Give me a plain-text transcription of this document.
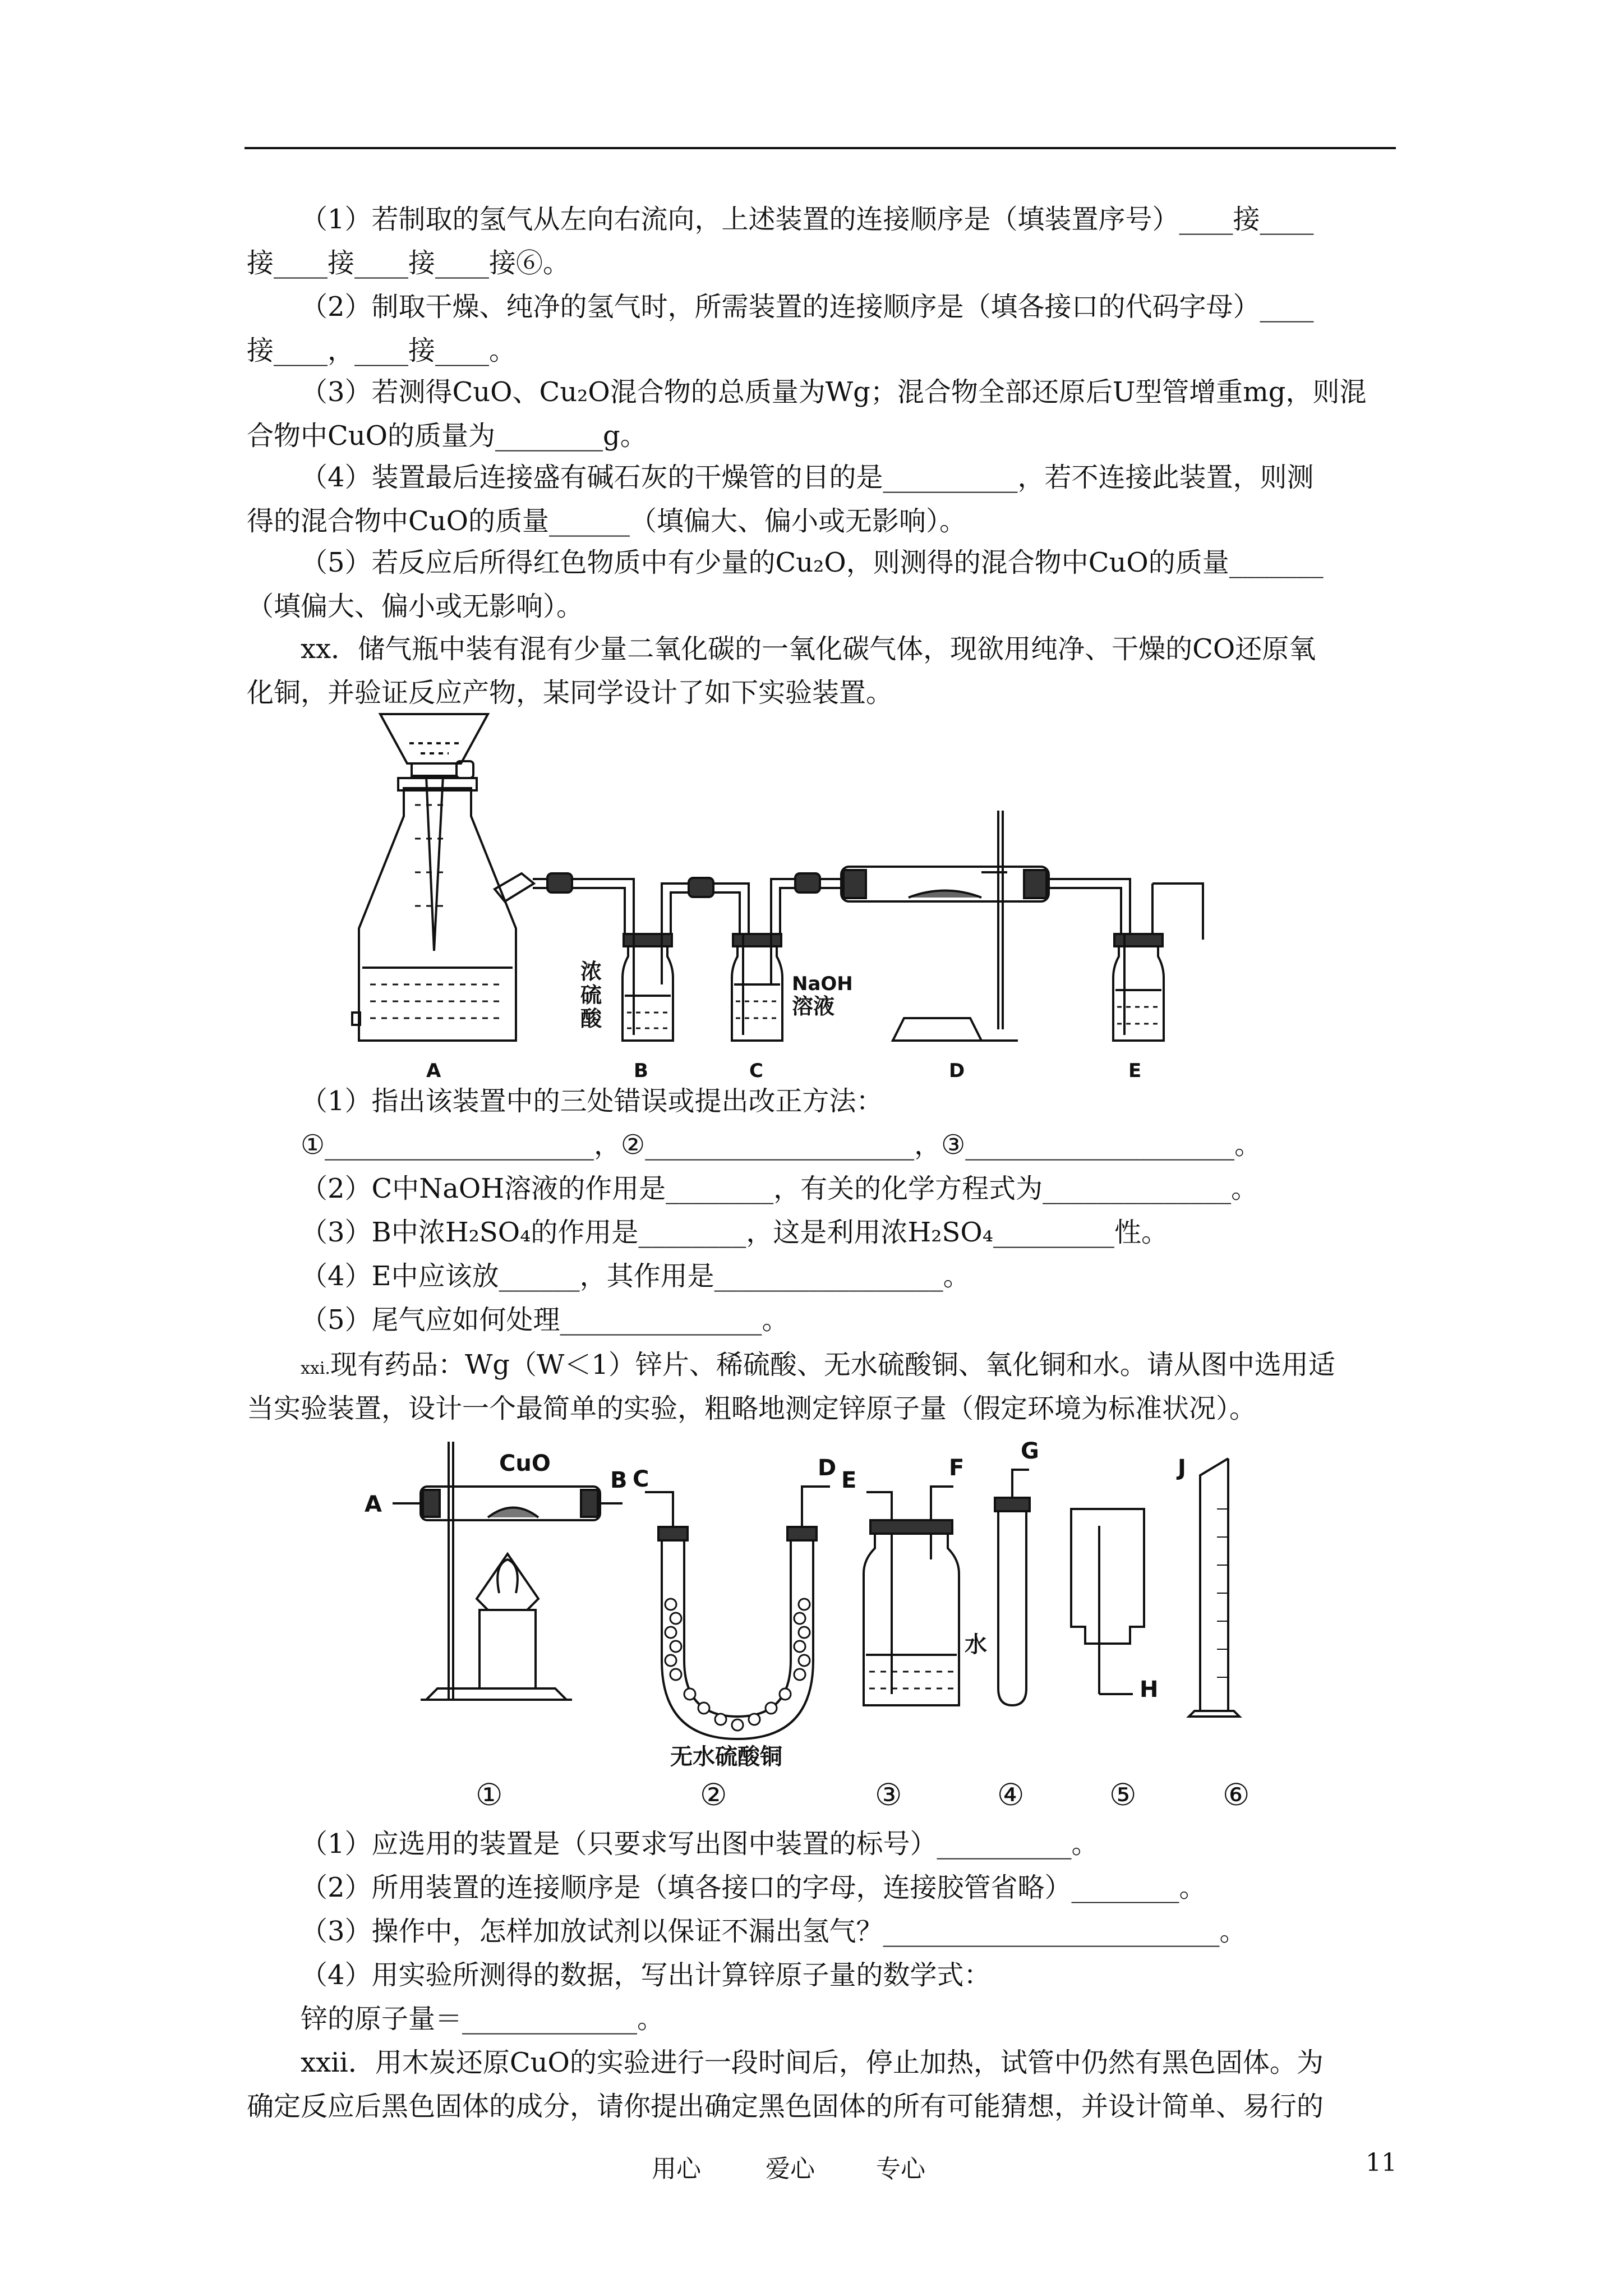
（1）若制取的氢气从左向右流向，上述装置的连接顺序是（填装置序号）____接____
接____接____接____接⑥。
（2）制取干燥、纯净的氢气时，所需装置的连接顺序是（填各接口的代码字母）____
接____，____接____。
（3）若测得CuO、Cu₂O混合物的总质量为Wg；混合物全部还原后U型管增重mg，则混
合物中CuO的质量为________g。
（4）装置最后连接盛有碱石灰的干燥管的目的是__________，若不连接此装置，则测
得的混合物中CuO的质量______（填偏大、偏小或无影响）。
（5）若反应后所得红色物质中有少量的Cu₂O，则测得的混合物中CuO的质量_______
（填偏大、偏小或无影响）。
xx．储气瓶中装有混有少量二氧化碳的一氧化碳气体，现欲用纯净、干燥的CO还原氧
化铜，并验证反应产物，某同学设计了如下实验装置。
浓
硫
酸
NaOH
溶液
A	B	C	D	E
（1）指出该装置中的三处错误或提出改正方法：
①____________________，②____________________，③____________________。
（2）C中NaOH溶液的作用是________，有关的化学方程式为______________。
（3）B中浓H₂SO₄的作用是________，这是利用浓H₂SO₄_________性。
（4）E中应该放______，其作用是_________________。
（5）尾气应如何处理_______________。
xxi.现有药品：Wg（W＜1）锌片、稀硫酸、无水硫酸铜、氧化铜和水。请从图中选用适
当实验装置，设计一个最简单的实验，粗略地测定锌原子量（假定环境为标准状况）。
CuO
A
B C	D E	F
G
H
J
水
无水硫酸铜
①	②	③	④	⑤	⑥
（1）应选用的装置是（只要求写出图中装置的标号）__________。
（2）所用装置的连接顺序是（填各接口的字母，连接胶管省略）________。
（3）操作中，怎样加放试剂以保证不漏出氢气？_________________________。
（4）用实验所测得的数据，写出计算锌原子量的数学式：
锌的原子量＝_____________。
xxii．用木炭还原CuO的实验进行一段时间后，停止加热，试管中仍然有黑色固体。为
确定反应后黑色固体的成分，请你提出确定黑色固体的所有可能猜想，并设计简单、易行的
用心	爱心 专心	11
